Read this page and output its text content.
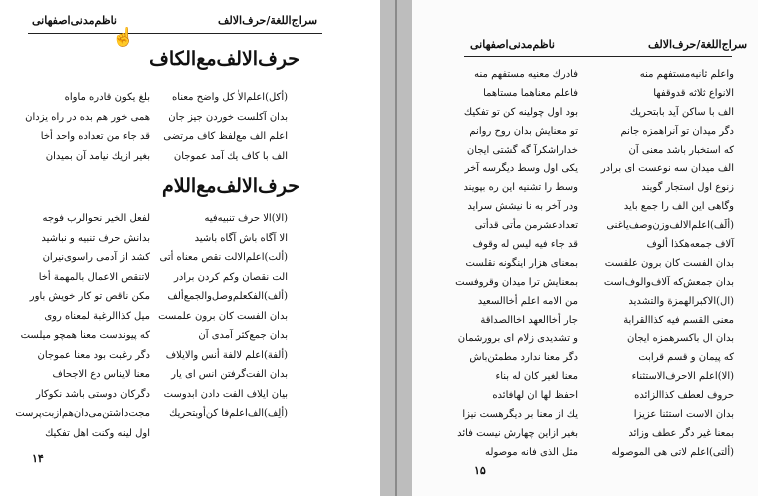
سراج‌اللغة/حرف‌الالف
ناظم‌مدنی‌اصفهانی
☝
حرف‌الالف‌مع‌الكاف
(أكل)اعلم‌الاٰ كل واضح معناه
بدان آكلست خوردن جيز جان
اعلم الف مع‌لفظ كاف مرتضى
الف با كاف يك آمد عموجان
بلغ يكون قادره ماواه
همى خور هم بده در راه يزدان
قد جاء من تعداده واحد أخا
بغير ازيك نيامد آن بميدان
حرف‌الالف‌مع‌اللام
(الا)الا حرف تنبيه‌فيه
الا آگاه باش آگاه باشيد
(ألت)اعلم‌الالت نقص معناه أتى
الت نقصان وكم كردن برادر
(ألف)الفكعلم‌وصل‌والجمع‌ألف
بدان الفست كان برون علمست
بدان جمع‌كثر آمدی آن
(ألفة)اعلم لالفة أنس والايلاف
بدان الفت‌گرفتن انس اى يار
بيان ايلاف الفت دادن ابدوست
(ألِف)الف‌اعلم‌فا كن‌أو‌بتحريك
لفعل الخير نحوالرب فوجه
بدانش حرف تنبيه و نباشيد
كشد از آدمى راسوى‌نيران
لاتنقص الاعمال بالمهمة أخا
مكن ناقص تو كار خويش باور
ميل كذاالرغبة لمعناه روى
كه پيوندست معنا همچو ميلست
دگر رغبت بود معنا عموجان
معنا لايناس دع الاجحاف
دگركان دوستى باشد نكوكار
مجت‌داشتن‌مى‌دان‌هم‌از‌بت‌پرست
اول لينه وكنت اهل تفكيك
١۴
سراج‌اللغة/حرف‌الالف
ناظم‌مدنی‌اصفهانی
واعلم ثانيه‌مستفهم منه
الانواع ثلاثه قدوقفها
الف با ساكن آيد بابتحريك
دگر ميدان تو آنراهمزه جانم
كه استخبار باشد معنى آن
الف ميدان سه نوعست اى برادر
زنوع اول استجار گويند
وگاهى اين الف را جمع بايد
(ألَف)اعلم‌الالف‌وزن‌وصف‌ياغنى
آلاف جمعه‌هكذا ألوف
بدان الفست كان برون علفست
بدان جمعش‌كه آلاف‌والوف‌است
(ال)الاكبرالهمزة والتشديد
معنى القسم فيه كذاالقرابة
بدان ال باكسرهمزه ايجان
كه پيمان و قسم قرابت
(الا)اعلم الاحرف‌الاستثناء
حروف لعطف كذاالزائده
بدان الاست استثنا عزيزا
بمعنا غير دگر عطف وزائد
(ألتى)اعلم لاتى هى الموصوله
فادرك معنيه مستفهم منه
فاعلم معناهما مستاهما
بود اول چولينه كن تو تفكيك
تو معنايش بدان روح روانم
خداراشكرآ گه گشتى ايجان
يكى اول وسط ديگرسه آخر
وسط را تشنيه اين ره بپويند
ودر آخر به نا نيشش سرايد
تعدادعشرمن مأتى قدأتى
قد جاء فيه ليس له وقوف
بمعناى هزار اينگونه نقلست
بمعنايش ترا ميدان وقروفست
من الامه اعلم أخاالسعيد
جار أخاالعهد اخاالصداقة
و تشديدى زلام اى برورشمان
دگر معنا ندارد مطمئن‌باش
معنا لغير كان له بناء
احفظ لها ان لهافائده
يك از معنا بر ديگرهست نيزا
بغير ازاين چهارش نيست فائد
مثل الذى فانه موصوله
١۵
